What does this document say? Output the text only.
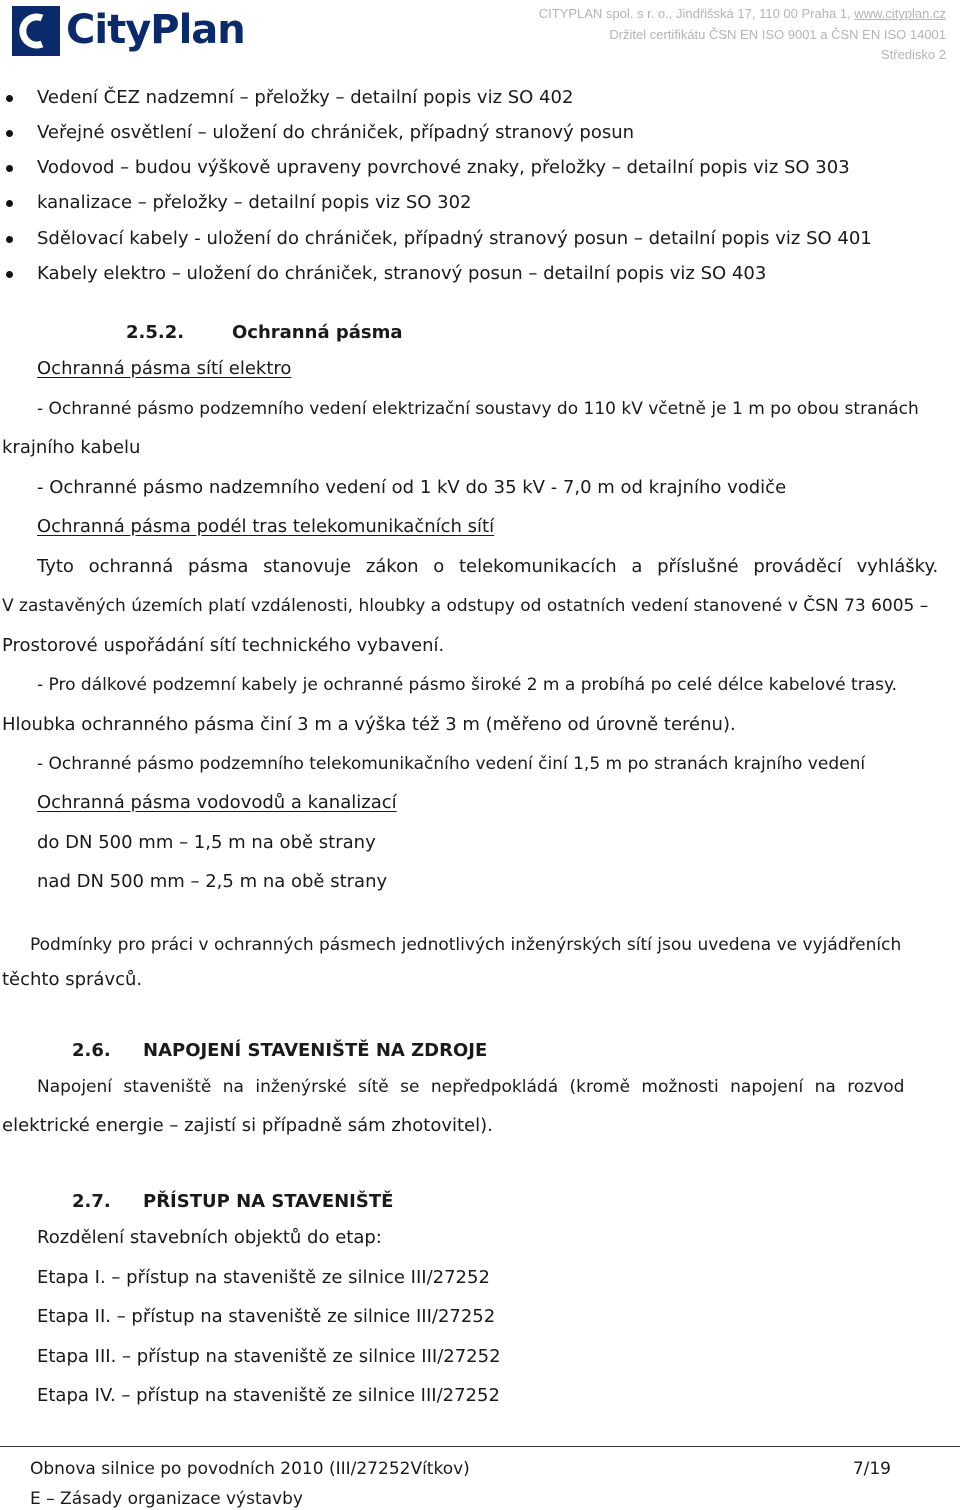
CityPlan	CITYPLAN spol. s r. o., Jindřišská 17, 110 00 Praha 1, www.cityplan.cz
Držitel certifikátu ČSN EN ISO 9001 a ČSN EN ISO 14001
Středisko 2
Vedení ČEZ nadzemní – přeložky – detailní popis viz SO 402
Veřejné osvětlení – uložení do chrániček, případný stranový posun
Vodovod – budou výškově upraveny povrchové znaky, přeložky – detailní popis viz SO 303
kanalizace – přeložky – detailní popis viz SO 302
Sdělovací kabely - uložení do chrániček, případný stranový posun – detailní popis viz SO 401
Kabely elektro – uložení do chrániček, stranový posun – detailní popis viz SO 403
2.5.2.	Ochranná pásma
Ochranná pásma sítí elektro
- Ochranné pásmo podzemního vedení elektrizační soustavy do 110 kV včetně je 1 m po obou stranách
krajního kabelu
- Ochranné pásmo nadzemního vedení od 1 kV do 35 kV - 7,0 m od krajního vodiče
Ochranná pásma podél tras telekomunikačních sítí
Tyto ochranná pásma stanovuje zákon o telekomunikacích a příslušné prováděcí vyhlášky.
V zastavěných územích platí vzdálenosti, hloubky a odstupy od ostatních vedení stanovené v ČSN 73 6005 –
Prostorové uspořádání sítí technického vybavení.
- Pro dálkové podzemní kabely je ochranné pásmo široké 2 m a probíhá po celé délce kabelové trasy.
Hloubka ochranného pásma činí 3 m a výška též 3 m (měřeno od úrovně terénu).
- Ochranné pásmo podzemního telekomunikačního vedení činí 1,5 m po stranách krajního vedení
Ochranná pásma vodovodů a kanalizací
do DN 500 mm – 1,5 m na obě strany
nad DN 500 mm – 2,5 m na obě strany
Podmínky pro práci v ochranných pásmech jednotlivých inženýrských sítí jsou uvedena ve vyjádřeních
těchto správců.
2.6. NAPOJENÍ STAVENIŠTĚ NA ZDROJE
Napojení staveniště na inženýrské sítě se nepředpokládá (kromě možnosti napojení na rozvod
elektrické energie – zajistí si případně sám zhotovitel).
2.7. PŘÍSTUP NA STAVENIŠTĚ
Rozdělení stavebních objektů do etap:
Etapa I. – přístup na staveniště ze silnice III/27252
Etapa II. – přístup na staveniště ze silnice III/27252
Etapa III. – přístup na staveniště ze silnice III/27252
Etapa IV. – přístup na staveniště ze silnice III/27252
Obnova silnice po povodních 2010 (III/27252Vítkov)	7/19
E – Zásady organizace výstavby
